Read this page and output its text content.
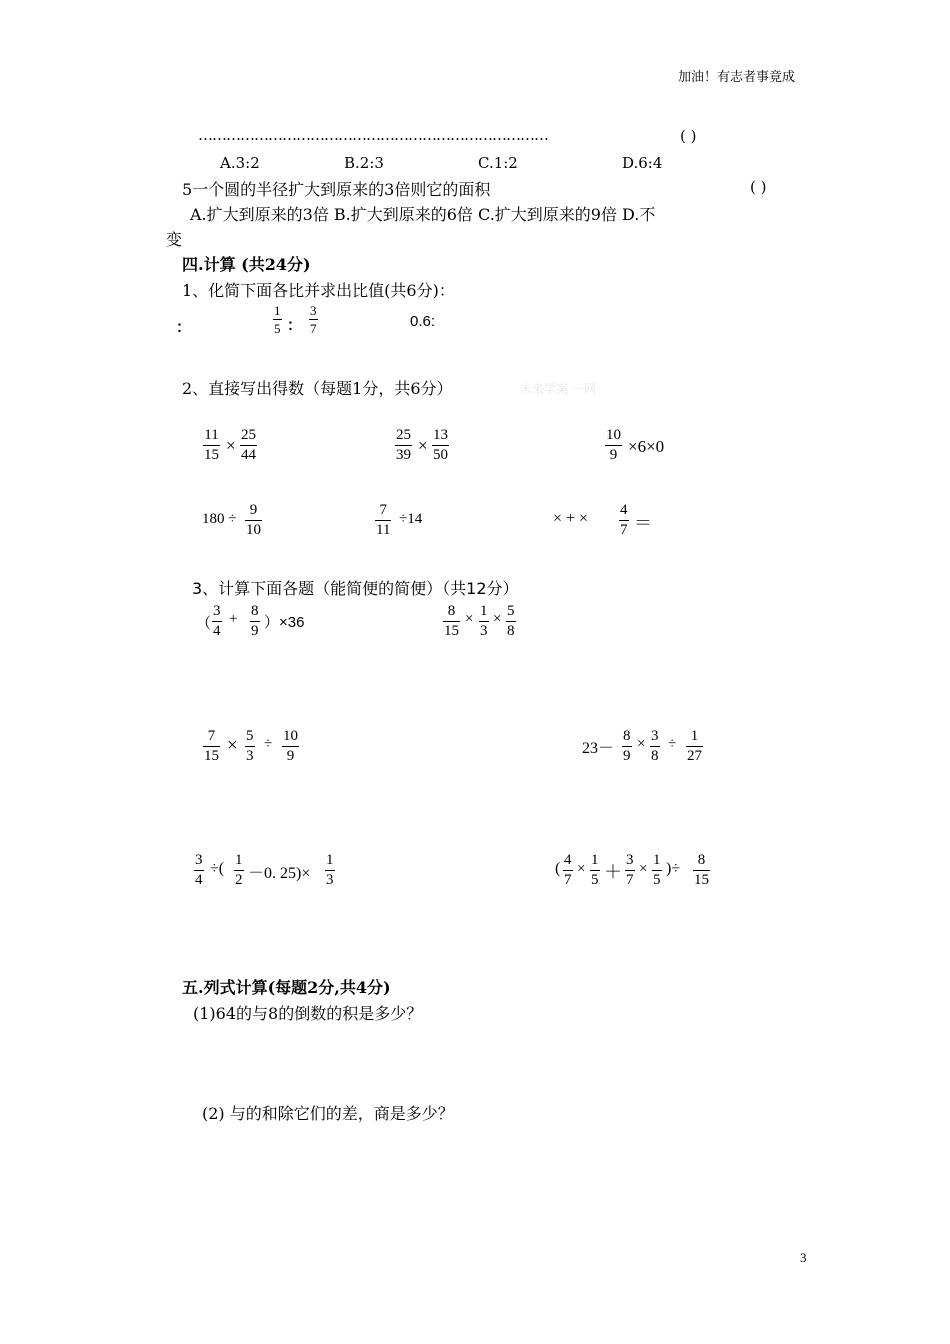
加油！有志者事竟成
…………………………………………………………………	( )
A.3:2	B.2:3	C.1:2	D.6:4
5一个圆的半径扩大到原来的3倍则它的面积	( )
A.扩大到原来的3倍 B.扩大到原来的6倍 C.扩大到原来的9倍 D.不
变
四.计算 (共24分)
1、化简下面各比并求出比值(共6分)：
：
1
5 ：
3
7	0.6:
2、直接写出得数（每题1分，共6分）	未来学案 一网
11
15 ×
25
44
25
39 ×
13
50
10
9 ×6×0
180 ÷
9
10
7
11
÷14	× + × 4
7 ＝
3、计算下面各题（能简便的简便）（共12分）
（
3
4
+ 8
9 ）×36
8
15
× 1
3
× 5
8
7
15 × 5
3
÷ 10
9	23－
8
9
× 3
8
÷ 1
27
3
4
÷( 1
2 －0. 25)×
1
3
( 4
7
×
1
5 ＋
3
7
×
1
5
)÷	8
15
五.列式计算(每题2分,共4分)
(1)64的与8的倒数的积是多少？
(2) 与的和除它们的差，商是多少？
3
